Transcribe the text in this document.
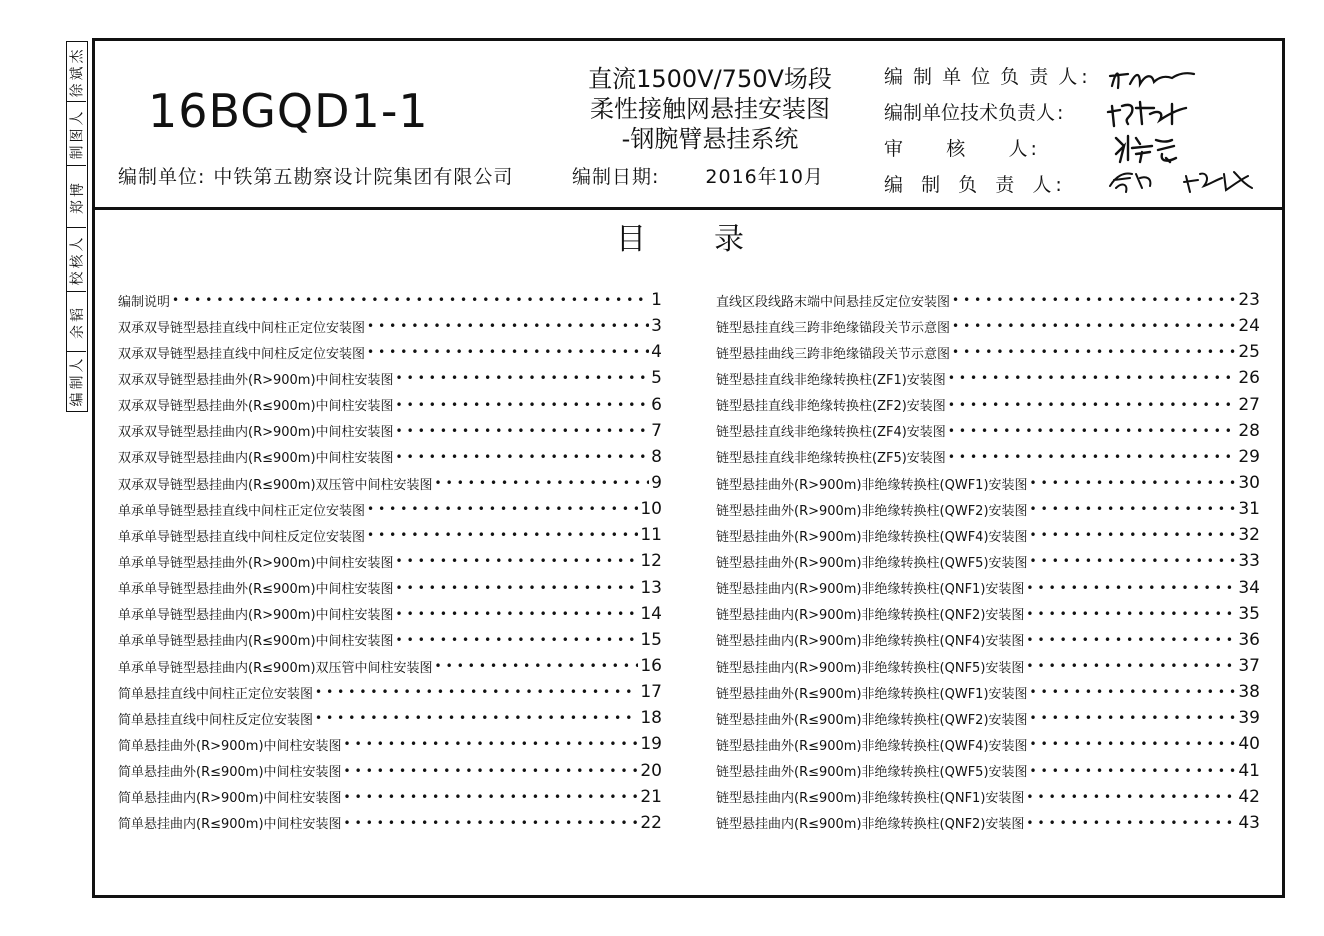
徐斌杰
制图人
郑博
校核人
余韬
编制人
16BGQD1-1
编制单位: 中铁第五勘察设计院集团有限公司
直流1500V/750V场段
柔性接触网悬挂安装图
-钢腕臂悬挂系统
编制日期: 2016年10月
编 制 单 位 负 责 人 :
编制单位技术负责人 :
审      核      人 :
编  制  负  责  人 :
目 录
编制说明 •••••	1
双承双导链型悬挂直线中间柱正定位安装图 •••••	3
双承双导链型悬挂直线中间柱反定位安装图 •••••	4
双承双导链型悬挂曲外(R>900m)中间柱安装图 •••••	5
双承双导链型悬挂曲外(R≤900m)中间柱安装图 •••••	6
双承双导链型悬挂曲内(R>900m)中间柱安装图 •••••	7
双承双导链型悬挂曲内(R≤900m)中间柱安装图 •••••	8
双承双导链型悬挂曲内(R≤900m)双压管中间柱安装图 •••••	9
单承单导链型悬挂直线中间柱正定位安装图 •••••	10
单承单导链型悬挂直线中间柱反定位安装图 •••••	11
单承单导链型悬挂曲外(R>900m)中间柱安装图 •••••	12
单承单导链型悬挂曲外(R≤900m)中间柱安装图 •••••	13
单承单导链型悬挂曲内(R>900m)中间柱安装图 •••••	14
单承单导链型悬挂曲内(R≤900m)中间柱安装图 •••••	15
单承单导链型悬挂曲内(R≤900m)双压管中间柱安装图 •••••	16
简单悬挂直线中间柱正定位安装图 •••••	17
简单悬挂直线中间柱反定位安装图 •••••	18
简单悬挂曲外(R>900m)中间柱安装图 •••••	19
简单悬挂曲外(R≤900m)中间柱安装图 •••••	20
简单悬挂曲内(R>900m)中间柱安装图 •••••	21
简单悬挂曲内(R≤900m)中间柱安装图 •••••	22
直线区段线路末端中间悬挂反定位安装图 •••••	23
链型悬挂直线三跨非绝缘锚段关节示意图 •••••	24
链型悬挂曲线三跨非绝缘锚段关节示意图 •••••	25
链型悬挂直线非绝缘转换柱(ZF1)安装图 •••••	26
链型悬挂直线非绝缘转换柱(ZF2)安装图 •••••	27
链型悬挂直线非绝缘转换柱(ZF4)安装图 •••••	28
链型悬挂直线非绝缘转换柱(ZF5)安装图 •••••	29
链型悬挂曲外(R>900m)非绝缘转换柱(QWF1)安装图 •••••	30
链型悬挂曲外(R>900m)非绝缘转换柱(QWF2)安装图 •••••	31
链型悬挂曲外(R>900m)非绝缘转换柱(QWF4)安装图 •••••	32
链型悬挂曲外(R>900m)非绝缘转换柱(QWF5)安装图 •••••	33
链型悬挂曲内(R>900m)非绝缘转换柱(QNF1)安装图 •••••	34
链型悬挂曲内(R>900m)非绝缘转换柱(QNF2)安装图 •••••	35
链型悬挂曲内(R>900m)非绝缘转换柱(QNF4)安装图 •••••	36
链型悬挂曲内(R>900m)非绝缘转换柱(QNF5)安装图 •••••	37
链型悬挂曲外(R≤900m)非绝缘转换柱(QWF1)安装图 •••••	38
链型悬挂曲外(R≤900m)非绝缘转换柱(QWF2)安装图 •••••	39
链型悬挂曲外(R≤900m)非绝缘转换柱(QWF4)安装图 •••••	40
链型悬挂曲外(R≤900m)非绝缘转换柱(QWF5)安装图 •••••	41
链型悬挂曲内(R≤900m)非绝缘转换柱(QNF1)安装图 •••••	42
链型悬挂曲内(R≤900m)非绝缘转换柱(QNF2)安装图 •••••	43
